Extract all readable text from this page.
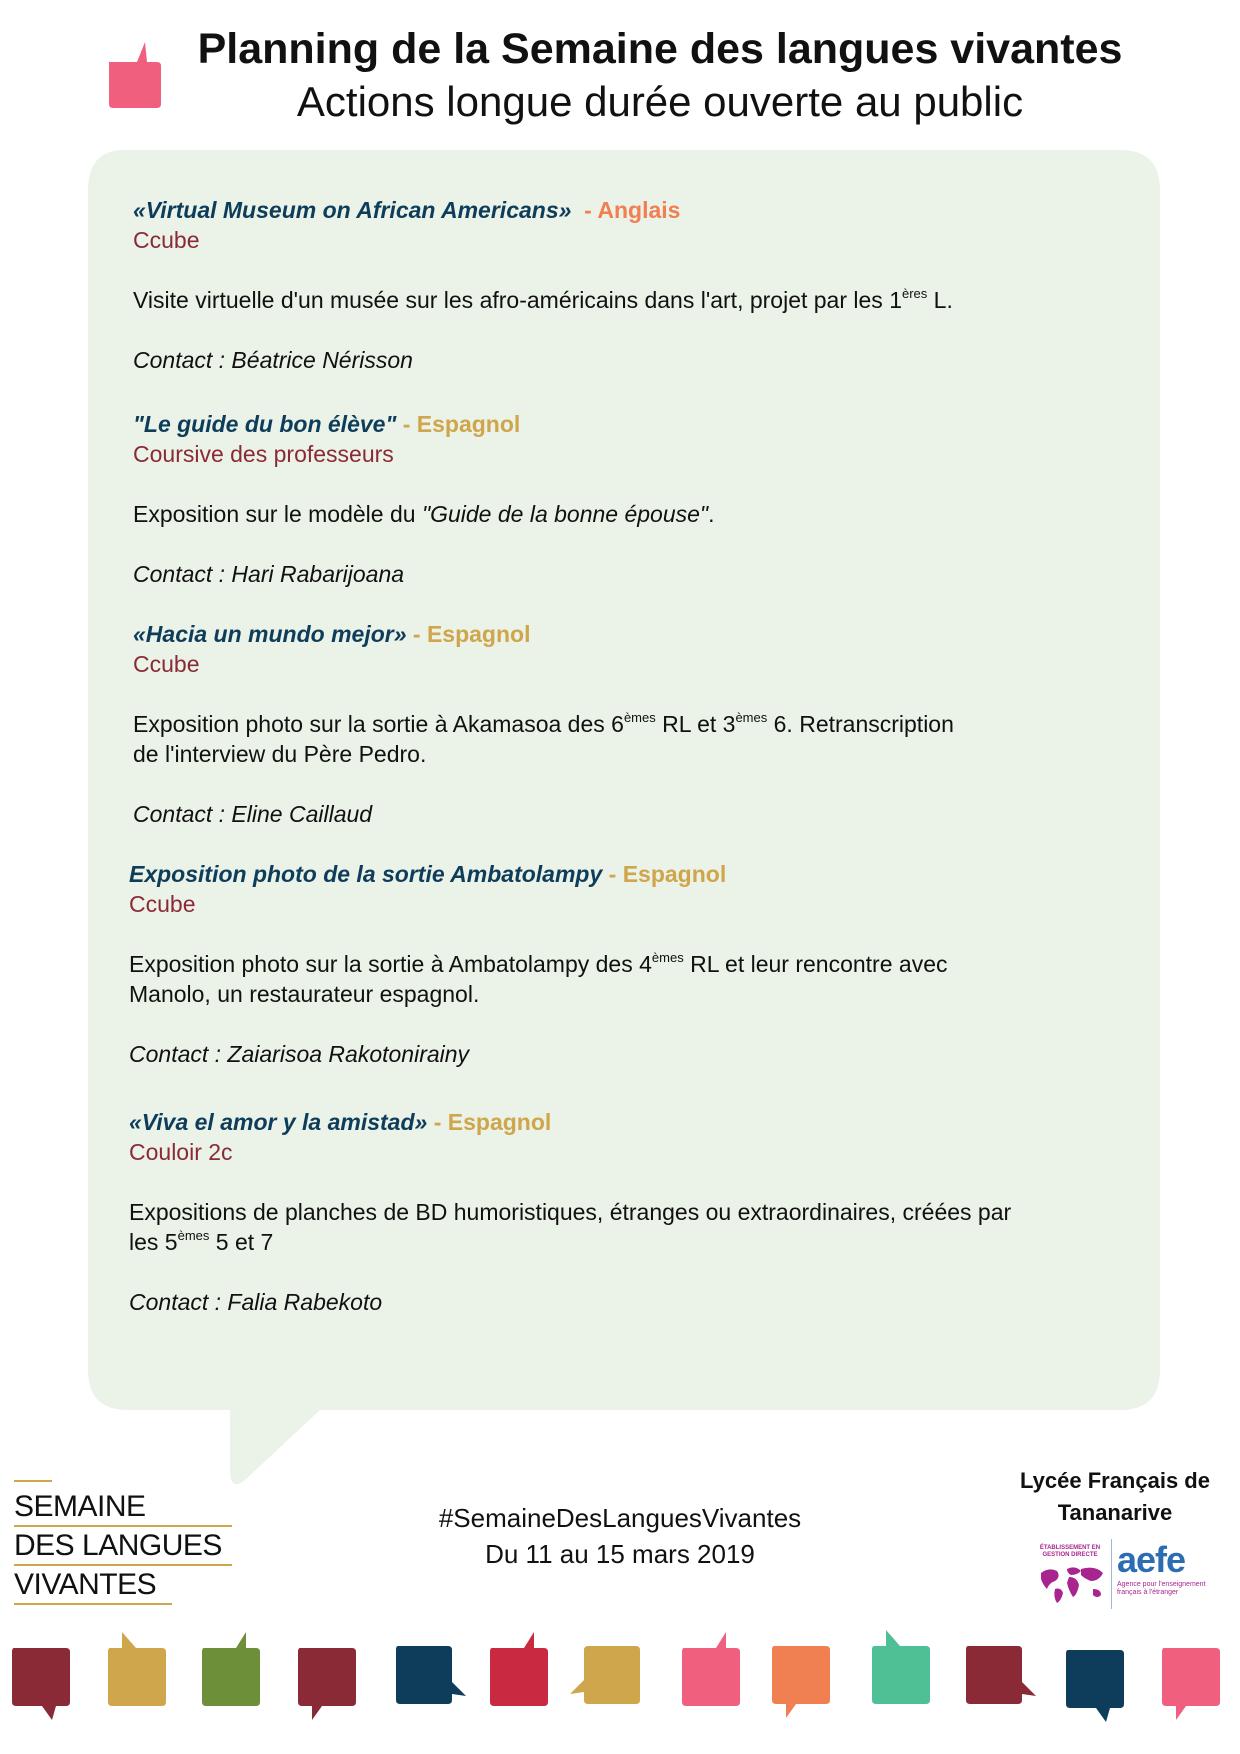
Planning de la Semaine des langues vivantes
Actions longue durée ouverte au public
«Virtual Museum on African Americans»  - Anglais
Ccube
Visite virtuelle d'un musée sur les afro-américains dans l'art, projet par les 1ères L.
Contact : Béatrice Nérisson
"Le guide du bon élève" - Espagnol
Coursive des professeurs
Exposition sur le modèle du "Guide de la bonne épouse".
Contact : Hari Rabarijoana
«Hacia un mundo mejor» - Espagnol
Ccube
Exposition photo sur la sortie à Akamasoa des 6èmes RL et 3èmes 6. Retranscription
de l'interview du Père Pedro.
Contact : Eline Caillaud
Exposition photo de la sortie Ambatolampy - Espagnol
Ccube
Exposition photo sur la sortie à Ambatolampy des 4èmes RL et leur rencontre avec
Manolo, un restaurateur espagnol.
Contact : Zaiarisoa Rakotonirainy
«Viva el amor y la amistad» - Espagnol
Couloir 2c
Expositions de planches de BD humoristiques, étranges ou extraordinaires, créées par
les 5èmes 5 et 7
Contact : Falia Rabekoto
SEMAINE
DES LANGUES
VIVANTES
#SemaineDesLanguesVivantes
Du 11 au 15 mars 2019
Lycée Français de
Tananarive
ÉTABLISSEMENT EN GESTION DIRECTE aefe
Agence pour l'enseignement français à l'étranger
